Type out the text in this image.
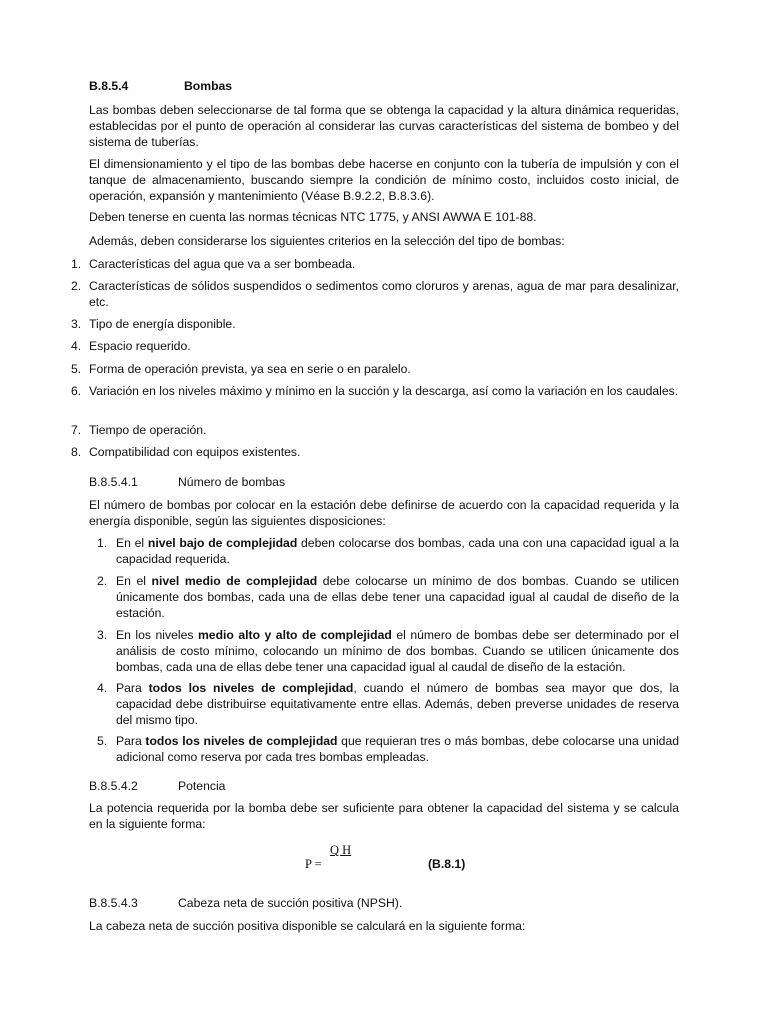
B.8.5.4	Bombas
Las bombas deben seleccionarse de tal forma que se obtenga la capacidad y la altura dinámica requeridas, establecidas por el punto de operación al considerar las curvas características del sistema de bombeo y del sistema de tuberías.
El dimensionamiento y el tipo de las bombas debe hacerse en conjunto con la tubería de impulsión y con el tanque de almacenamiento, buscando siempre la condición de mínimo costo, incluidos costo inicial, de operación, expansión y mantenimiento (Véase B.9.2.2, B.8.3.6).
Deben tenerse en cuenta las normas técnicas NTC 1775, y ANSI AWWA E 101-88.
Además, deben considerarse los siguientes criterios en la selección del tipo de bombas:
1. Características del agua que va a ser bombeada.
2. Características de sólidos suspendidos o sedimentos como cloruros y arenas, agua de mar para desalinizar, etc.
3. Tipo de energía disponible.
4. Espacio requerido.
5. Forma de operación prevista, ya sea en serie o en paralelo.
6. Variación en los niveles máximo y mínimo en la succión y la descarga, así como la variación en los caudales.
7. Tiempo de operación.
8. Compatibilidad con equipos existentes.
B.8.5.4.1	Número de bombas
El número de bombas por colocar en la estación debe definirse de acuerdo con la capacidad requerida y la energía disponible, según las siguientes disposiciones:
1. En el nivel bajo de complejidad deben colocarse dos bombas, cada una con una capacidad igual a la capacidad requerida.
2. En el nivel medio de complejidad debe colocarse un mínimo de dos bombas. Cuando se utilicen únicamente dos bombas, cada una de ellas debe tener una capacidad igual al caudal de diseño de la estación.
3. En los niveles medio alto y alto de complejidad el número de bombas debe ser determinado por el análisis de costo mínimo, colocando un mínimo de dos bombas. Cuando se utilicen únicamente dos bombas, cada una de ellas debe tener una capacidad igual al caudal de diseño de la estación.
4. Para todos los niveles de complejidad, cuando el número de bombas sea mayor que dos, la capacidad debe distribuirse equitativamente entre ellas. Además, deben preverse unidades de reserva del mismo tipo.
5. Para todos los niveles de complejidad que requieran tres o más bombas, debe colocarse una unidad adicional como reserva por cada tres bombas empleadas.
B.8.5.4.2	Potencia
La potencia requerida por la bomba debe ser suficiente para obtener la capacidad del sistema y se calcula en la siguiente forma:
Q H
P =	(B.8.1)
B.8.5.4.3	Cabeza neta de succión positiva (NPSH).
La cabeza neta de succión positiva disponible se calculará en la siguiente forma:
